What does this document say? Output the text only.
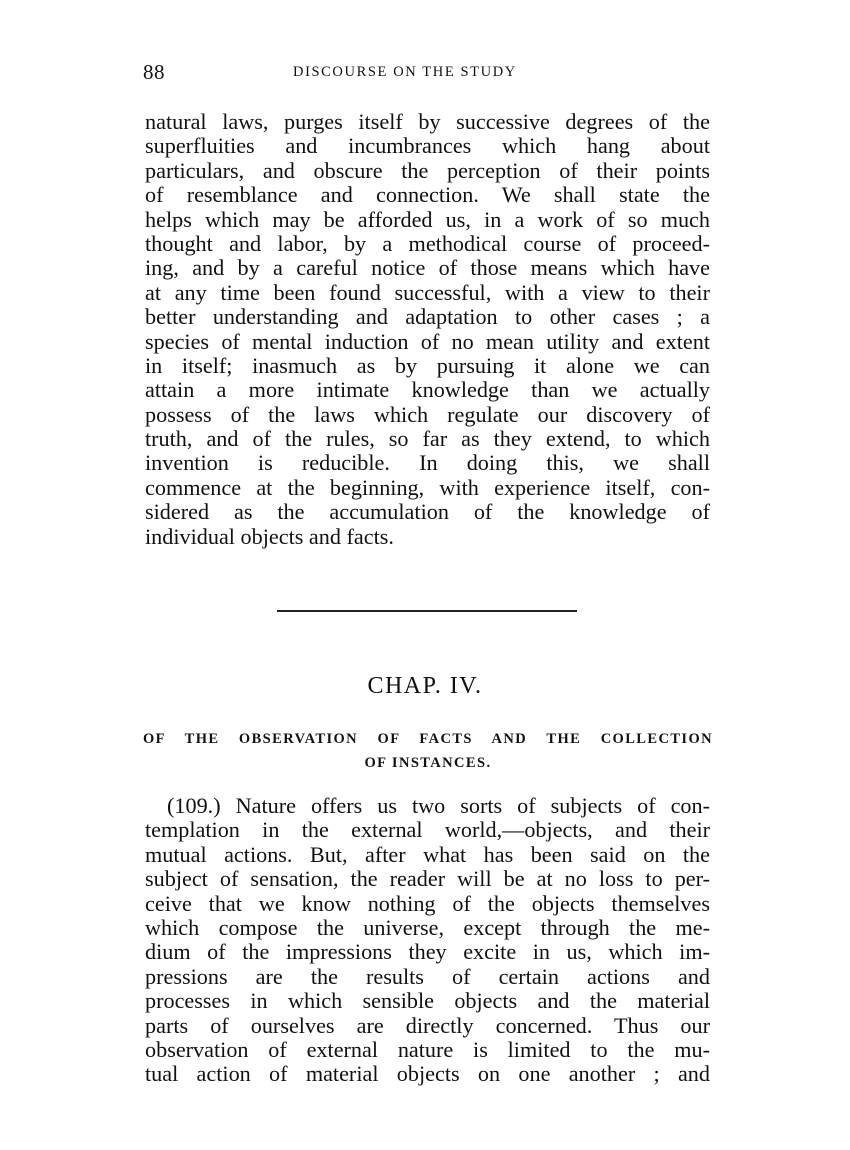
88	DISCOURSE ON THE STUDY
natural laws, purges itself by successive degrees of the
superfluities and incumbrances which hang about
particulars, and obscure the perception of their points
of resemblance and connection. We shall state the
helps which may be afforded us, in a work of so much
thought and labor, by a methodical course of proceed-
ing, and by a careful notice of those means which have
at any time been found successful, with a view to their
better understanding and adaptation to other cases ; a
species of mental induction of no mean utility and extent
in itself; inasmuch as by pursuing it alone we can
attain a more intimate knowledge than we actually
possess of the laws which regulate our discovery of
truth, and of the rules, so far as they extend, to which
invention is reducible. In doing this, we shall
commence at the beginning, with experience itself, con-
sidered as the accumulation of the knowledge of
individual objects and facts.
CHAP. IV.
OF THE OBSERVATION OF FACTS AND THE COLLECTION
OF INSTANCES.
(109.) Nature offers us two sorts of subjects of con-
templation in the external world,—objects, and their
mutual actions. But, after what has been said on the
subject of sensation, the reader will be at no loss to per-
ceive that we know nothing of the objects themselves
which compose the universe, except through the me-
dium of the impressions they excite in us, which im-
pressions are the results of certain actions and
processes in which sensible objects and the material
parts of ourselves are directly concerned. Thus our
observation of external nature is limited to the mu-
tual action of material objects on one another ; and
